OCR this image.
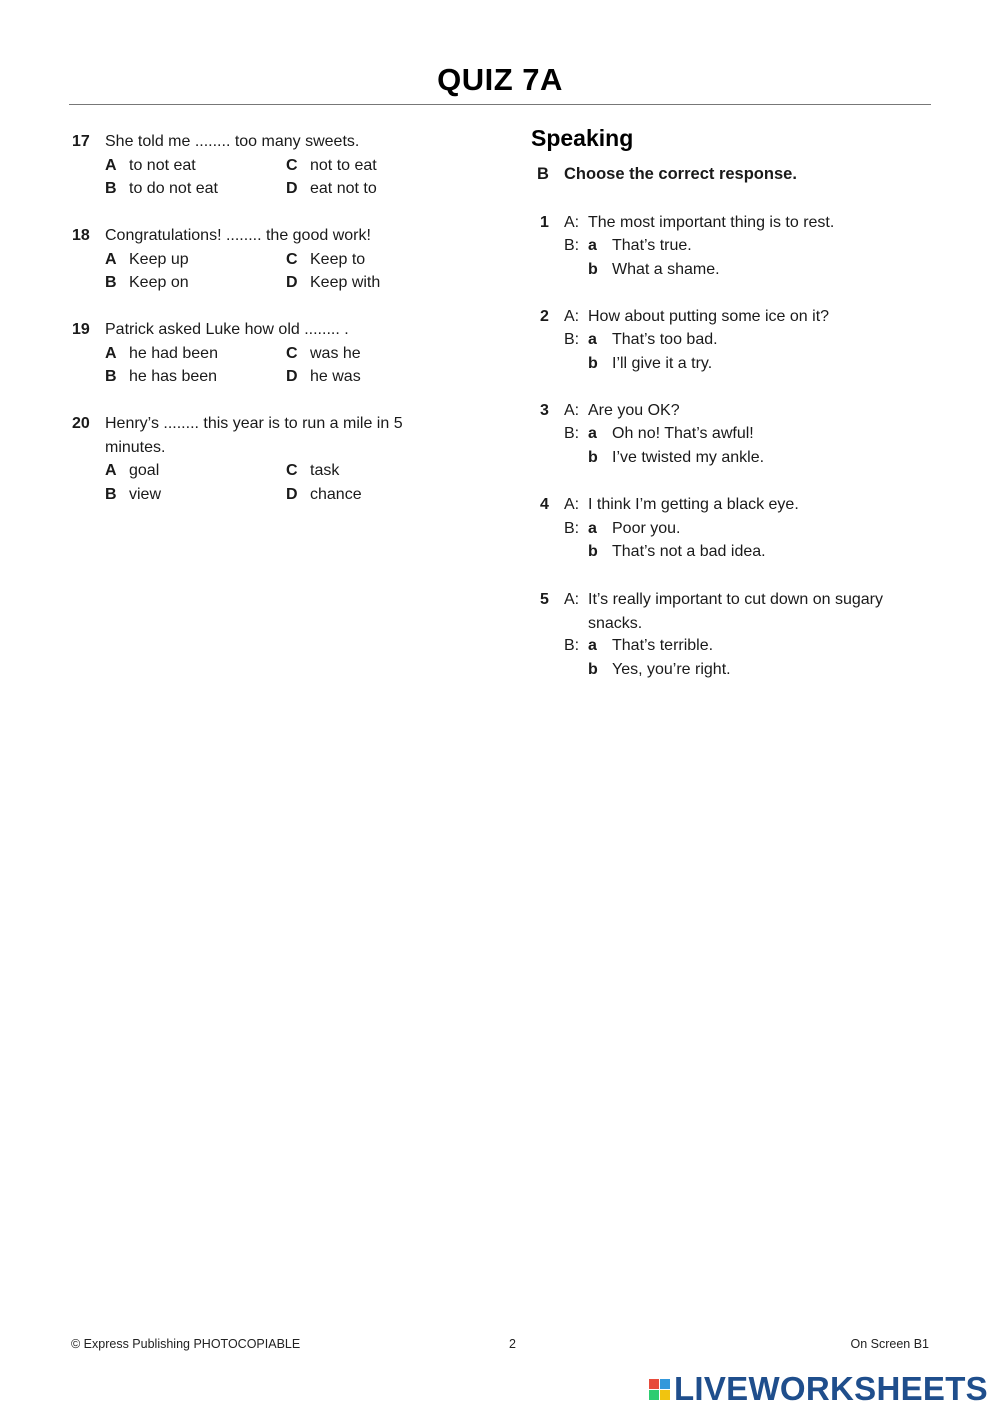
QUIZ 7A
17 She told me ........ too many sweets.
A to not eat	C not to eat
B to do not eat	D eat not to
18 Congratulations! ........ the good work!
A Keep up	C Keep to
B Keep on	D Keep with
19 Patrick asked Luke how old ........ .
A he had been	C was he
B he has been	D he was
20 Henry’s ........ this year is to run a mile in 5 minutes.
A goal	C task
B view	D chance
Speaking
B Choose the correct response.
1 A: The most important thing is to rest.
B: a That’s true.
b What a shame.
2 A: How about putting some ice on it?
B: a That’s too bad.
b I’ll give it a try.
3 A: Are you OK?
B: a Oh no! That’s awful!
b I’ve twisted my ankle.
4 A: I think I’m getting a black eye.
B: a Poor you.
b That’s not a bad idea.
5 A: It’s really important to cut down on sugary snacks.
B: a That’s terrible.
b Yes, you’re right.
© Express Publishing PHOTOCOPIABLE	2	On Screen B1
LIVEWORKSHEETS
